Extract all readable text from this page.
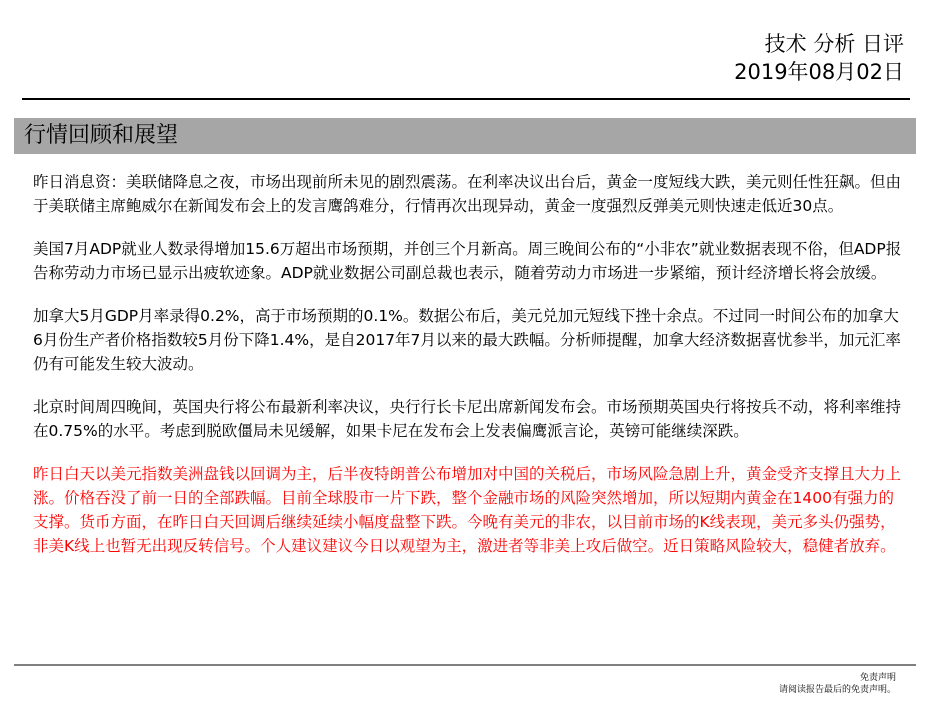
技术 分析 日评
2019年08月02日
行情回顾和展望

昨日消息资：美联储降息之夜，市场出现前所未见的剧烈震荡。在利率决议出台后，黄金一度短线大跌，美元则任性狂飙。但由于美联储主席鲍威尔在新闻发布会上的发言鹰鸽难分，行情再次出现异动，黄金一度强烈反弹美元则快速走低近30点。

美国7月ADP就业人数录得增加15.6万超出市场预期，并创三个月新高。周三晚间公布的“小非农”就业数据表现不俗，但ADP报告称劳动力市场已显示出疲软迹象。ADP就业数据公司副总裁也表示，随着劳动力市场进一步紧缩，预计经济增长将会放缓。

加拿大5月GDP月率录得0.2%，高于市场预期的0.1%。数据公布后，美元兑加元短线下挫十余点。不过同一时间公布的加拿大6月份生产者价格指数较5月份下降1.4%，是自2017年7月以来的最大跌幅。分析师提醒，加拿大经济数据喜忧参半，加元汇率仍有可能发生较大波动。

北京时间周四晚间，英国央行将公布最新利率决议，央行行长卡尼出席新闻发布会。市场预期英国央行将按兵不动，将利率维持在0.75%的水平。考虑到脱欧僵局未见缓解，如果卡尼在发布会上发表偏鹰派言论，英镑可能继续深跌。

昨日白天以美元指数美洲盘钱以回调为主，后半夜特朗普公布增加对中国的关税后，市场风险急剧上升，黄金受齐支撑且大力上涨。价格吞没了前一日的全部跌幅。目前全球股市一片下跌，整个金融市场的风险突然增加，所以短期内黄金在1400有强力的支撑。货币方面，在昨日白天回调后继续延续小幅度盘整下跌。今晚有美元的非农，以目前市场的K线表现，美元多头仍强势，非美K线上也暂无出现反转信号。个人建议建议今日以观望为主，激进者等非美上攻后做空。近日策略风险较大，稳健者放弃。

免责声明
请阅读报告最后的免责声明。
